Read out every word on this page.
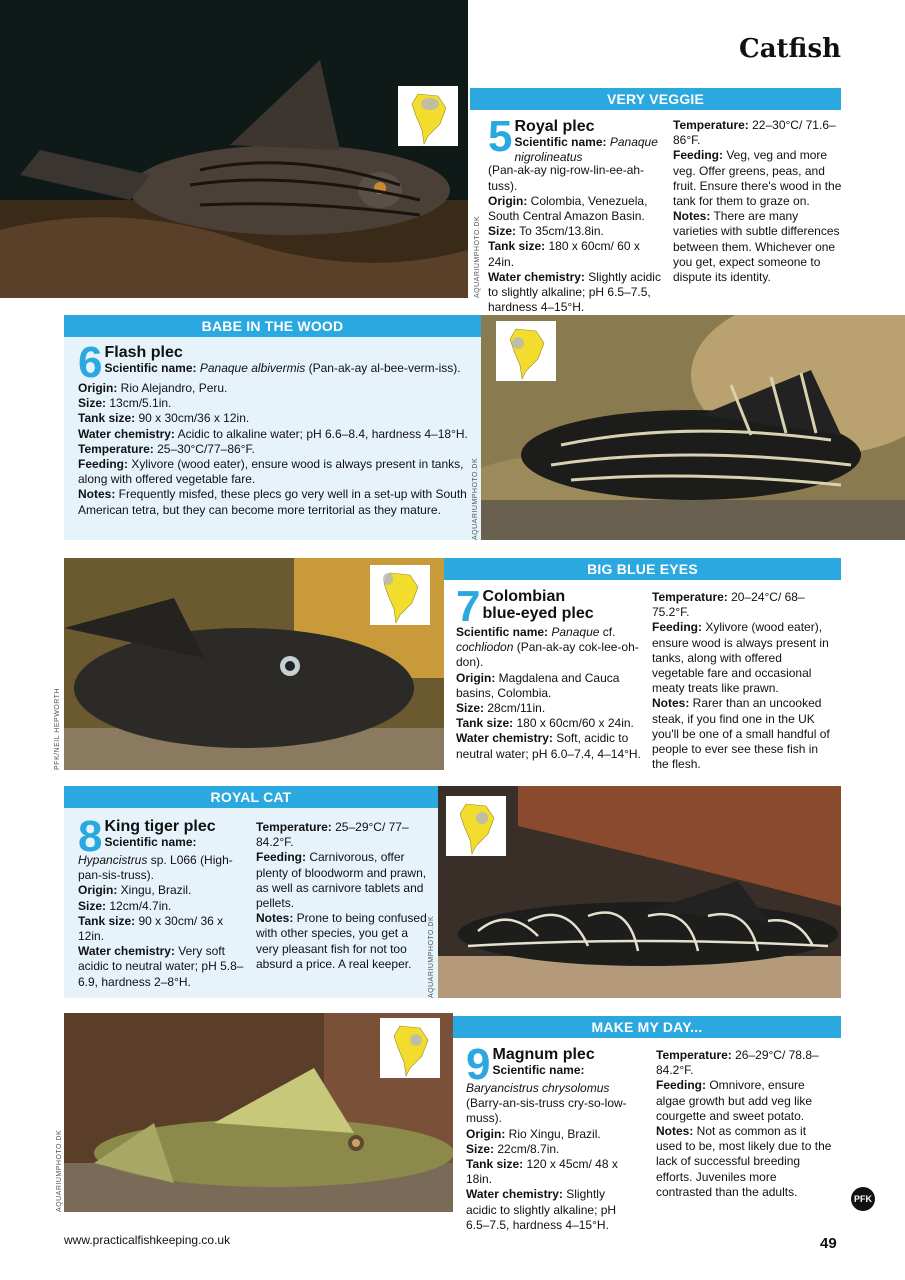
Catfish
AQUARIUMPHOTO.DK
VERY VEGGIE
5 Royal plec
Scientific name: Panaque nigrolineatus
(Pan-ak-ay nig-row-lin-ee-ah-tuss).
Origin: Colombia, Venezuela, South Central Amazon Basin.
Size: To 35cm/13.8in.
Tank size: 180 x 60cm/ 60 x 24in.
Water chemistry: Slightly acidic to slightly alkaline; pH 6.5–7.5, hardness 4–15°H.
Temperature: 22–30°C/ 71.6–86°F.
Feeding: Veg, veg and more veg. Offer greens, peas, and fruit. Ensure there's wood in the tank for them to graze on.
Notes: There are many varieties with subtle differences between them. Whichever one you get, expect someone to dispute its identity.
BABE IN THE WOOD
6 Flash plec
Scientific name: Panaque albivermis (Pan-ak-ay al-bee-verm-iss).
Origin: Rio Alejandro, Peru.
Size: 13cm/5.1in.
Tank size: 90 x 30cm/36 x 12in.
Water chemistry: Acidic to alkaline water; pH 6.6–8.4, hardness 4–18°H.
Temperature: 25–30°C/77–86°F.
Feeding: Xylivore (wood eater), ensure wood is always present in tanks, along with offered vegetable fare.
Notes: Frequently misfed, these plecs go very well in a set-up with South American tetra, but they can become more territorial as they mature.	AQUARIUMPHOTO.DK
PFK/NEIL HEPWORTH
BIG BLUE EYES
7 Colombian
blue-eyed plec
Scientific name: Panaque cf. cochliodon (Pan-ak-ay cok-lee-oh-don).
Origin: Magdalena and Cauca basins, Colombia.
Size: 28cm/11in.
Tank size: 180 x 60cm/60 x 24in.
Water chemistry: Soft, acidic to neutral water; pH 6.0–7.4, 4–14°H.
Temperature: 20–24°C/ 68–75.2°F.
Feeding: Xylivore (wood eater), ensure wood is always present in tanks, along with offered vegetable fare and occasional meaty treats like prawn.
Notes: Rarer than an uncooked steak, if you find one in the UK you'll be one of a small handful of people to ever see these fish in the flesh.
ROYAL CAT
8 King tiger plec
Scientific name:
Hypancistrus sp. L066 (High-pan-sis-truss).
Origin: Xingu, Brazil.
Size: 12cm/4.7in.
Tank size: 90 x 30cm/ 36 x 12in.
Water chemistry: Very soft acidic to neutral water; pH 5.8–6.9, hardness 2–8°H.
Temperature: 25–29°C/ 77–84.2°F.
Feeding: Carnivorous, offer plenty of bloodworm and prawn, as well as carnivore tablets and pellets.
Notes: Prone to being confused with other species, you get a very pleasant fish for not too absurd a price. A real keeper.	AQUARIUMPHOTO.DK
AQUARIUMPHOTO.DK
MAKE MY DAY...
9 Magnum plec
Scientific name:
Baryancistrus chrysolomus (Barry-an-sis-truss cry-so-low-muss).
Origin: Rio Xingu, Brazil.
Size: 22cm/8.7in.
Tank size: 120 x 45cm/ 48 x 18in.
Water chemistry: Slightly acidic to slightly alkaline; pH 6.5–7.5, hardness 4–15°H.
Temperature: 26–29°C/ 78.8–84.2°F.
Feeding: Omnivore, ensure algae growth but add veg like courgette and sweet potato.
Notes: Not as common as it used to be, most likely due to the lack of successful breeding efforts. Juveniles more contrasted than the adults.
PFK
www.practicalfishkeeping.co.uk	49
